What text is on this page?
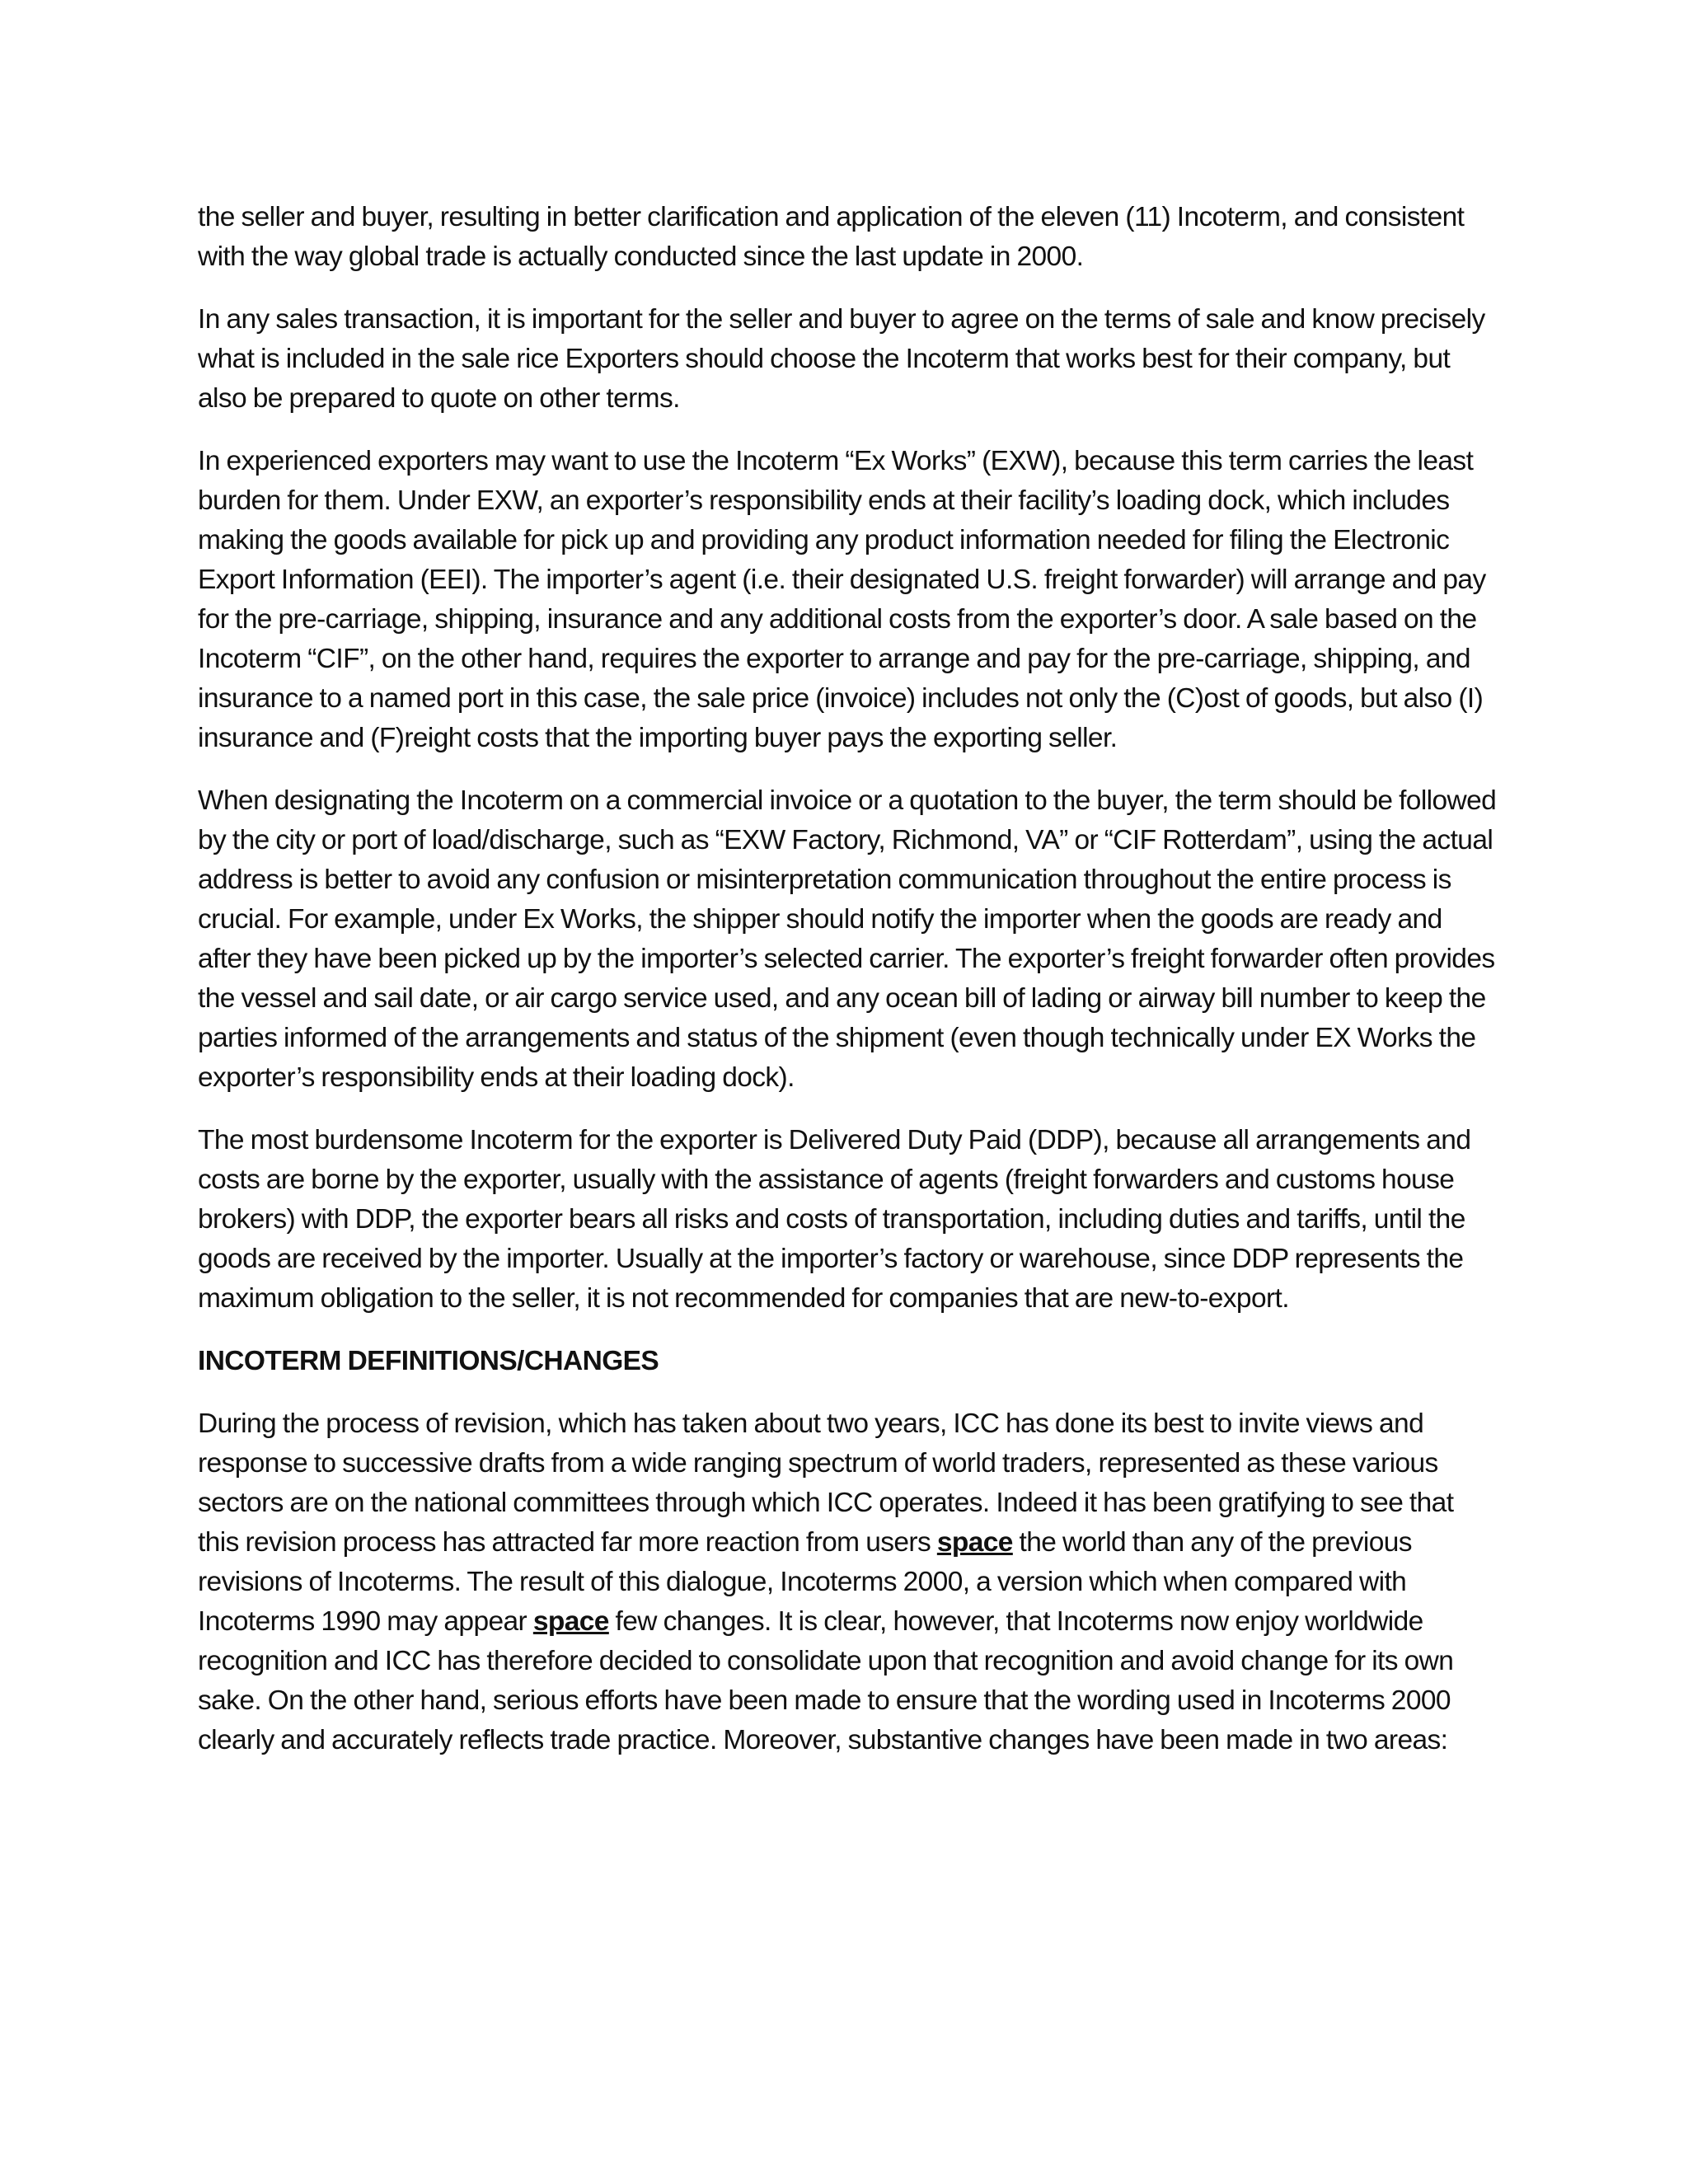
the seller and buyer, resulting in better clarification and application of the eleven (11) Incoterm, and consistent with the way global trade is actually conducted since the last update in 2000.

In any sales transaction, it is important for the seller and buyer to agree on the terms of sale and know precisely what is included in the sale rice Exporters should choose the Incoterm that works best for their company, but also be prepared to quote on other terms.

In experienced exporters may want to use the Incoterm “Ex Works” (EXW), because this term carries the least burden for them. Under EXW, an exporter’s responsibility ends at their facility’s loading dock, which includes making the goods available for pick up and providing any product information needed for filing the Electronic Export Information (EEI). The importer’s agent (i.e. their designated U.S. freight forwarder) will arrange and pay for the pre-carriage, shipping, insurance and any additional costs from the exporter’s door. A sale based on the Incoterm “CIF”, on the other hand, requires the exporter to arrange and pay for the pre-carriage, shipping, and insurance to a named port in this case, the sale price (invoice) includes not only the (C)ost of goods, but also (I) insurance and (F)reight costs that the importing buyer pays the exporting seller.

When designating the Incoterm on a commercial invoice or a quotation to the buyer, the term should be followed by the city or port of load/discharge, such as “EXW Factory, Richmond, VA” or “CIF Rotterdam”, using the actual address is better to avoid any confusion or misinterpretation communication throughout the entire process is crucial. For example, under Ex Works, the shipper should notify the importer when the goods are ready and after they have been picked up by the importer’s selected carrier. The exporter’s freight forwarder often provides the vessel and sail date, or air cargo service used, and any ocean bill of lading or airway bill number to keep the parties informed of the arrangements and status of the shipment (even though technically under EX Works the exporter’s responsibility ends at their loading dock).

The most burdensome Incoterm for the exporter is Delivered Duty Paid (DDP), because all arrangements and costs are borne by the exporter, usually with the assistance of agents (freight forwarders and customs house brokers) with DDP, the exporter bears all risks and costs of transportation, including duties and tariffs, until the goods are received by the importer. Usually at the importer’s factory or warehouse, since DDP represents the maximum obligation to the seller, it is not recommended for companies that are new-to-export.

INCOTERM DEFINITIONS/CHANGES

During the process of revision, which has taken about two years, ICC has done its best to invite views and response to successive drafts from a wide ranging spectrum of world traders, represented as these various sectors are on the national committees through which ICC operates. Indeed it has been gratifying to see that this revision process has attracted far more reaction from users space the world than any of the previous revisions of Incoterms. The result of this dialogue, Incoterms 2000, a version which when compared with Incoterms 1990 may appear space few changes. It is clear, however, that Incoterms now enjoy worldwide recognition and ICC has therefore decided to consolidate upon that recognition and avoid change for its own sake. On the other hand, serious efforts have been made to ensure that the wording used in Incoterms 2000 clearly and accurately reflects trade practice. Moreover, substantive changes have been made in two areas:
